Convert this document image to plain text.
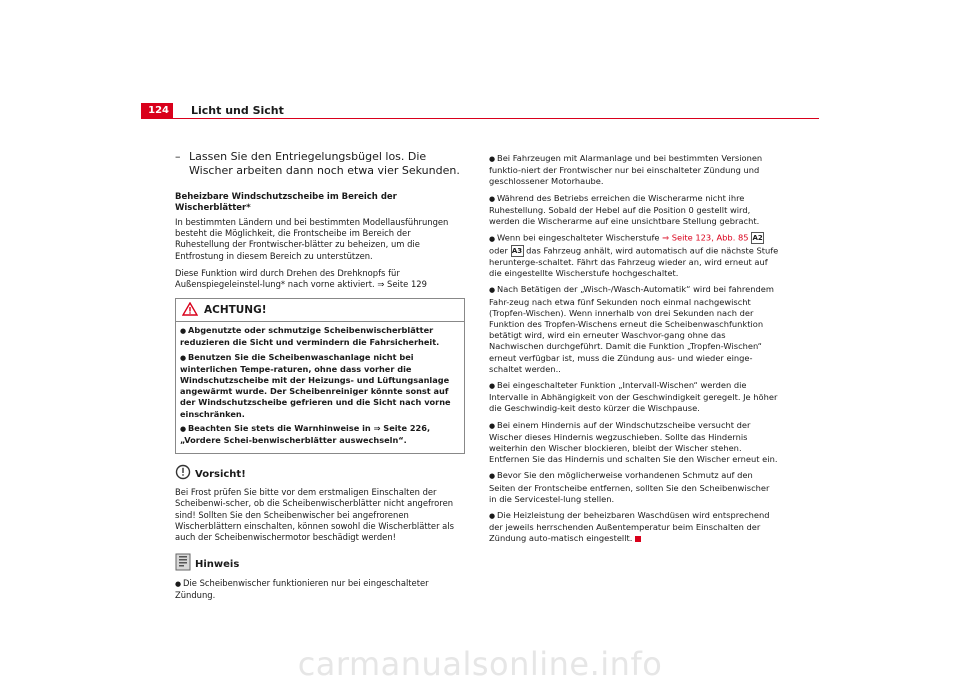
124	Licht und Sicht
– Lassen Sie den Entriegelungsbügel los. Die Wischer arbeiten dann noch etwa vier Sekunden.
Beheizbare Windschutzscheibe im Bereich der Wischerblätter*
In bestimmten Ländern und bei bestimmten Modellausführungen besteht die Möglichkeit, die Frontscheibe im Bereich der Ruhestellung der Frontwischer-blätter zu beheizen, um die Entfrostung in diesem Bereich zu unterstützen.
Diese Funktion wird durch Drehen des Drehknopfs für Außenspiegeleinstel-lung* nach vorne aktiviert. ⇒ Seite 129
ACHTUNG!
● Abgenutzte oder schmutzige Scheibenwischerblätter reduzieren die Sicht und vermindern die Fahrsicherheit.
● Benutzen Sie die Scheibenwaschanlage nicht bei winterlichen Tempe-raturen, ohne dass vorher die Windschutzscheibe mit der Heizungs- und Lüftungsanlage angewärmt wurde. Der Scheibenreiniger könnte sonst auf der Windschutzscheibe gefrieren und die Sicht nach vorne einschränken.
● Beachten Sie stets die Warnhinweise in ⇒ Seite 226, „Vordere Schei-benwischerblätter auswechseln“.
Vorsicht!
Bei Frost prüfen Sie bitte vor dem erstmaligen Einschalten der Scheibenwi-scher, ob die Scheibenwischerblätter nicht angefroren sind! Sollten Sie den Scheibenwischer bei angefrorenen Wischerblättern einschalten, können sowohl die Wischerblätter als auch der Scheibenwischermotor beschädigt werden!
Hinweis
● Die Scheibenwischer funktionieren nur bei eingeschalteter Zündung.
● Bei Fahrzeugen mit Alarmanlage und bei bestimmten Versionen funktio-niert der Frontwischer nur bei einschalteter Zündung und geschlossener Motorhaube.
● Während des Betriebs erreichen die Wischerarme nicht ihre Ruhestellung. Sobald der Hebel auf die Position 0 gestellt wird, werden die Wischerarme auf eine unsichtbare Stellung gebracht.
● Wenn bei eingeschalteter Wischerstufe ⇒ Seite 123, Abb. 85 A2 oder A3 das Fahrzeug anhält, wird automatisch auf die nächste Stufe herunterge-schaltet. Fährt das Fahrzeug wieder an, wird erneut auf die eingestellte Wischerstufe hochgeschaltet.
● Nach Betätigen der „Wisch-/Wasch-Automatik“ wird bei fahrendem Fahr-zeug nach etwa fünf Sekunden noch einmal nachgewischt (Tropfen-Wischen). Wenn innerhalb von drei Sekunden nach der Funktion des Tropfen-Wischens erneut die Scheibenwaschfunktion betätigt wird, wird ein erneuter Waschvor-gang ohne das Nachwischen durchgeführt. Damit die Funktion „Tropfen-Wischen“ erneut verfügbar ist, muss die Zündung aus- und wieder einge-schaltet werden..
● Bei eingeschalteter Funktion „Intervall-Wischen“ werden die Intervalle in Abhängigkeit von der Geschwindigkeit geregelt. Je höher die Geschwindig-keit desto kürzer die Wischpause.
● Bei einem Hindernis auf der Windschutzscheibe versucht der Wischer dieses Hindernis wegzuschieben. Sollte das Hindernis weiterhin den Wischer blockieren, bleibt der Wischer stehen. Entfernen Sie das Hindernis und schalten Sie den Wischer erneut ein.
● Bevor Sie den möglicherweise vorhandenen Schmutz auf den Seiten der Frontscheibe entfernen, sollten Sie den Scheibenwischer in die Servicestel-lung stellen.
● Die Heizleistung der beheizbaren Waschdüsen wird entsprechend der jeweils herrschenden Außentemperatur beim Einschalten der Zündung auto-matisch eingestellt.
carmanualsonline.info
